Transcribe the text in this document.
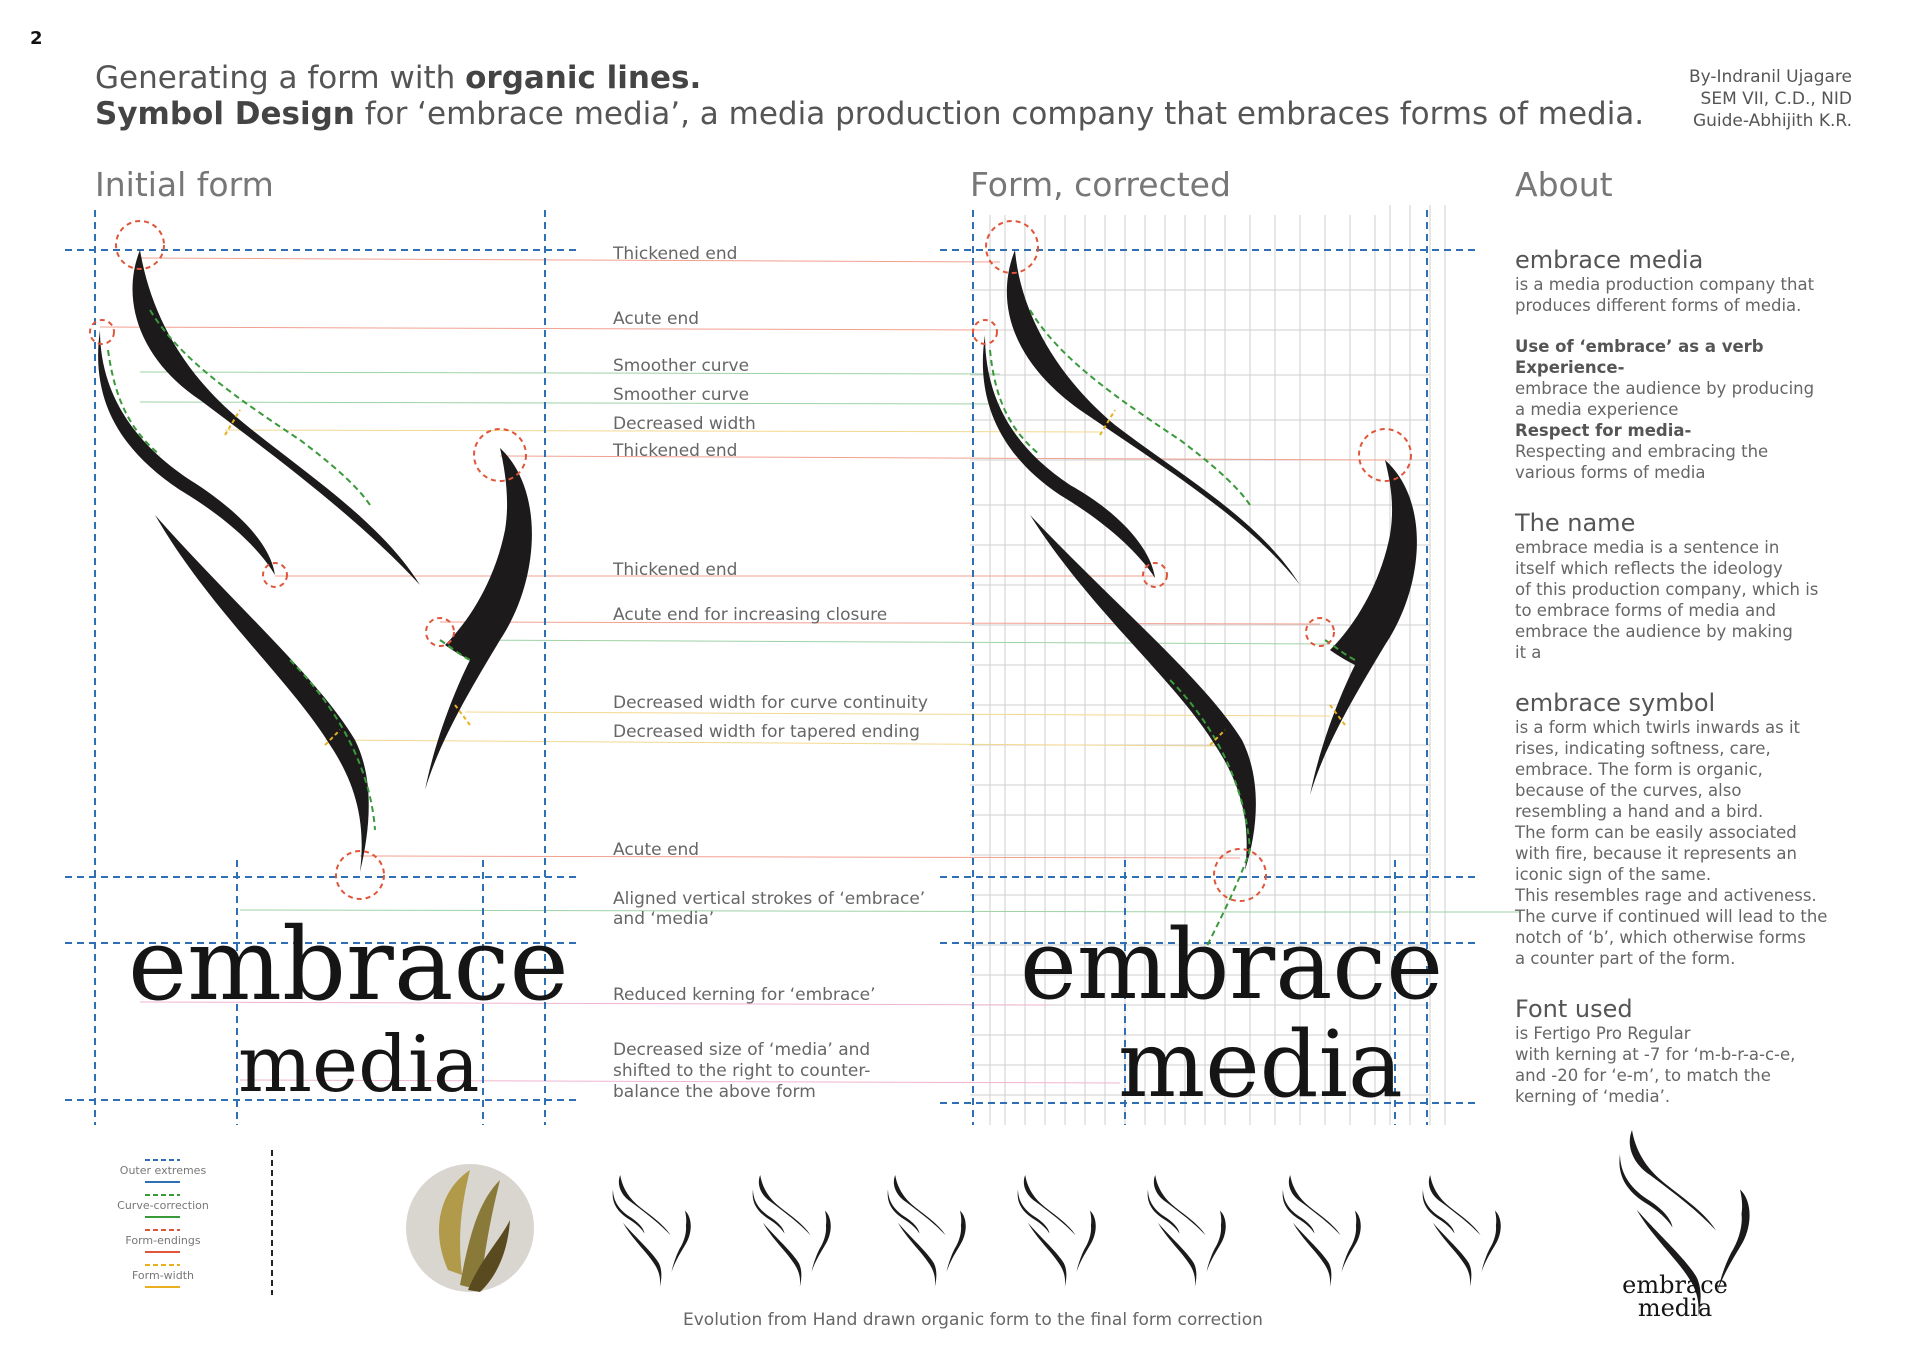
2
Generating a form with organic lines.
Symbol Design for ‘embrace media’, a media production company that embraces forms of media.
By-Indranil Ujagare
SEM VII, C.D., NID
Guide-Abhijith K.R.
Initial form	Form, corrected	About
embrace
media
embrace
media
Thickened end
Acute end
Smoother curve
Smoother curve
Decreased width
Thickened end
Thickened end
Acute end for increasing closure
Decreased width for curve continuity
Decreased width for tapered ending
Acute end
Aligned vertical strokes of ‘embrace’
and ‘media’
Reduced kerning for ‘embrace’
Decreased size of ‘media’ and
shifted to the right to counter-
balance the above form
embrace media
is a media production company that
produces different forms of media.
Use of ‘embrace’ as a verb
Experience-
embrace the audience by producing
a media experience
Respect for media-
Respecting and embracing the
various forms of media
The name
embrace media is a sentence in
itself which reflects the ideology
of this production company, which is
to embrace forms of media and
embrace the audience by making
it a
embrace symbol
is a form which twirls inwards as it
rises, indicating softness, care,
embrace. The form is organic,
because of the curves, also
resembling a hand and a bird.
The form can be easily associated
with fire, because it represents an
iconic sign of the same.
This resembles rage and activeness.
The curve if continued will lead to the
notch of ‘b’, which otherwise forms
a counter part of the form.
Font used
is Fertigo Pro Regular
with kerning at -7 for ‘m-b-r-a-c-e,
and -20 for ‘e-m’, to match the
kerning of ‘media’.
Outer extremes
Curve-correction
Form-endings
Form-width	embrace
media
Evolution from Hand drawn organic form to the final form correction
